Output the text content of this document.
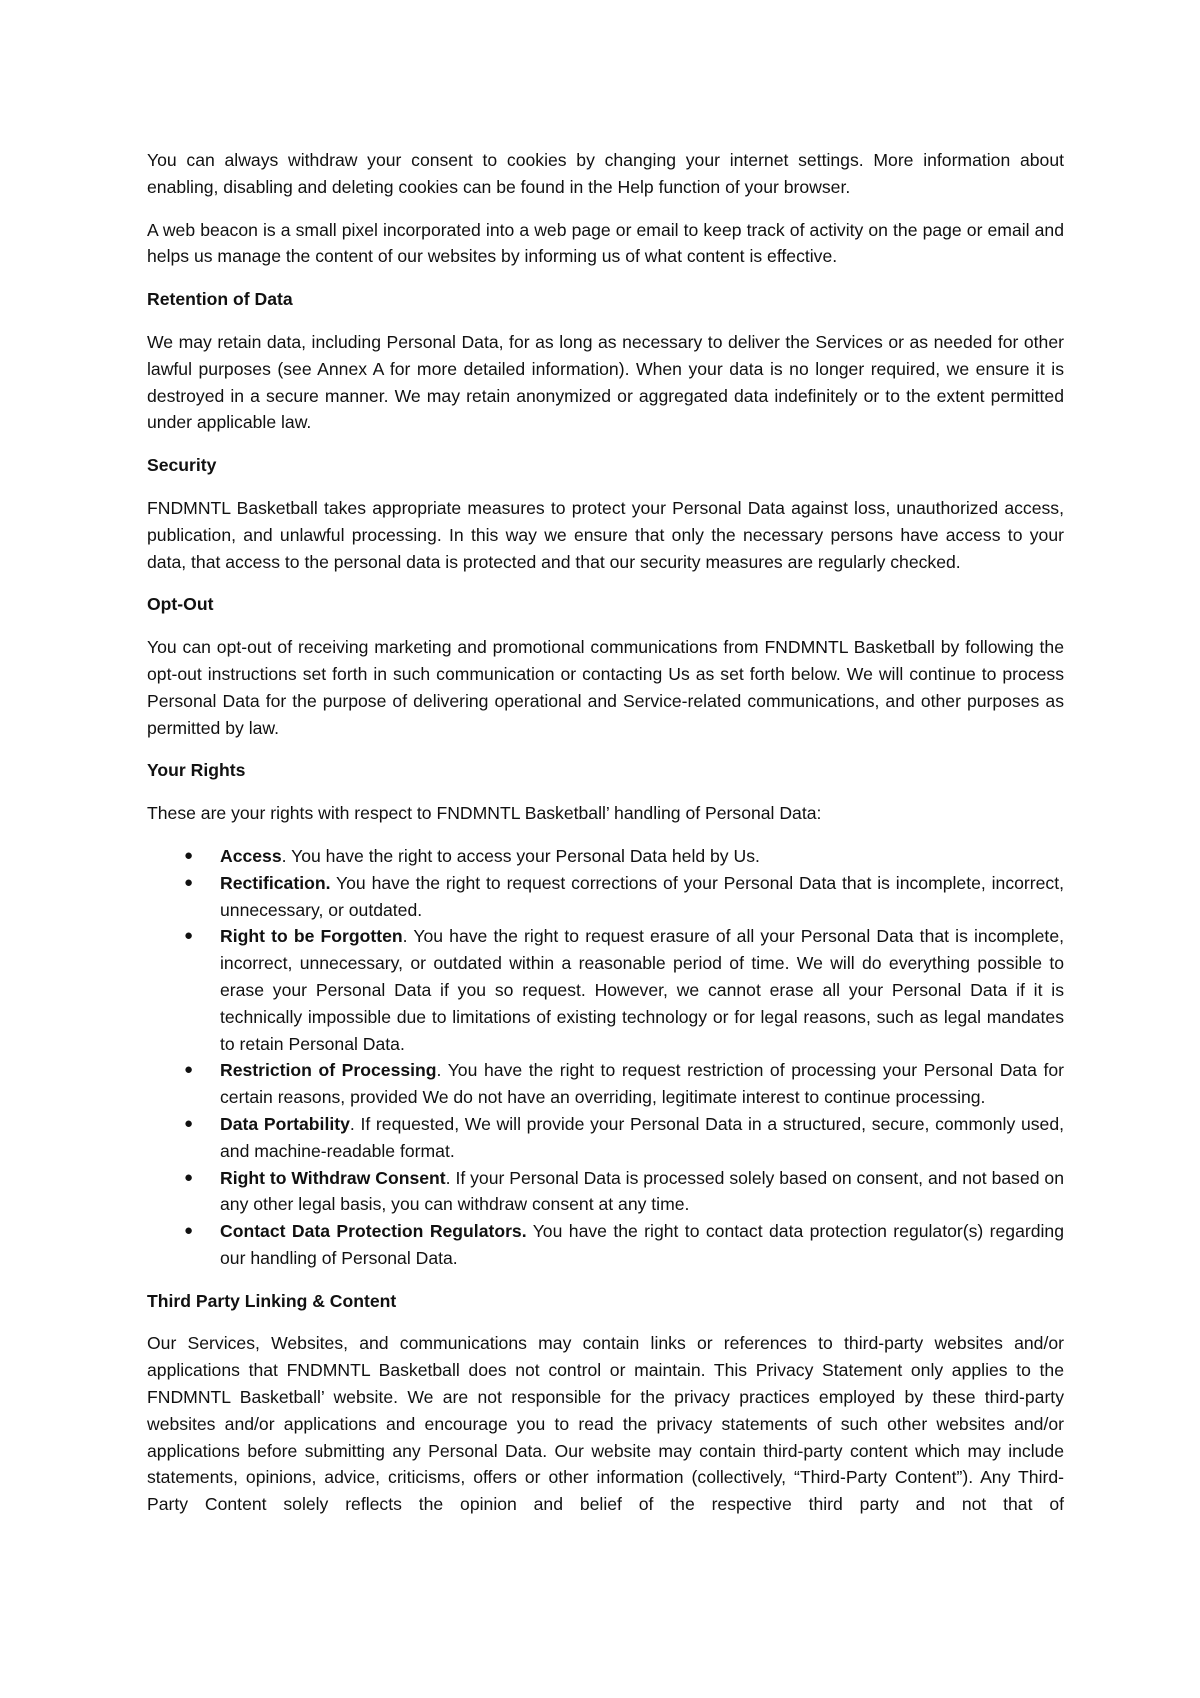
You can always withdraw your consent to cookies by changing your internet settings. More information about enabling, disabling and deleting cookies can be found in the Help function of your browser.

A web beacon is a small pixel incorporated into a web page or email to keep track of activity on the page or email and helps us manage the content of our websites by informing us of what content is effective.

Retention of Data

We may retain data, including Personal Data, for as long as necessary to deliver the Services or as needed for other lawful purposes (see Annex A for more detailed information). When your data is no longer required, we ensure it is destroyed in a secure manner. We may retain anonymized or aggregated data indefinitely or to the extent permitted under applicable law.

Security

FNDMNTL Basketball takes appropriate measures to protect your Personal Data against loss, unauthorized access, publication, and unlawful processing. In this way we ensure that only the necessary persons have access to your data, that access to the personal data is protected and that our security measures are regularly checked.

Opt-Out

You can opt-out of receiving marketing and promotional communications from FNDMNTL Basketball by following the opt-out instructions set forth in such communication or contacting Us as set forth below. We will continue to process Personal Data for the purpose of delivering operational and Service-related communications, and other purposes as permitted by law.

Your Rights

These are your rights with respect to FNDMNTL Basketball’ handling of Personal Data:

● Access. You have the right to access your Personal Data held by Us.
● Rectification. You have the right to request corrections of your Personal Data that is incomplete, incorrect, unnecessary, or outdated.
● Right to be Forgotten. You have the right to request erasure of all your Personal Data that is incomplete, incorrect, unnecessary, or outdated within a reasonable period of time. We will do everything possible to erase your Personal Data if you so request. However, we cannot erase all your Personal Data if it is technically impossible due to limitations of existing technology or for legal reasons, such as legal mandates to retain Personal Data.
● Restriction of Processing. You have the right to request restriction of processing your Personal Data for certain reasons, provided We do not have an overriding, legitimate interest to continue processing.
● Data Portability. If requested, We will provide your Personal Data in a structured, secure, commonly used, and machine-readable format.
● Right to Withdraw Consent. If your Personal Data is processed solely based on consent, and not based on any other legal basis, you can withdraw consent at any time.
● Contact Data Protection Regulators. You have the right to contact data protection regulator(s) regarding our handling of Personal Data.
Third Party Linking & Content

Our Services, Websites, and communications may contain links or references to third-party websites and/or applications that FNDMNTL Basketball does not control or maintain. This Privacy Statement only applies to the FNDMNTL Basketball’ website. We are not responsible for the privacy practices employed by these third-party websites and/or applications and encourage you to read the privacy statements of such other websites and/or applications before submitting any Personal Data. Our website may contain third-party content which may include statements, opinions, advice, criticisms, offers or other information (collectively, “Third-Party Content”). Any Third-Party Content solely reflects the opinion and belief of the respective third party and not that of
